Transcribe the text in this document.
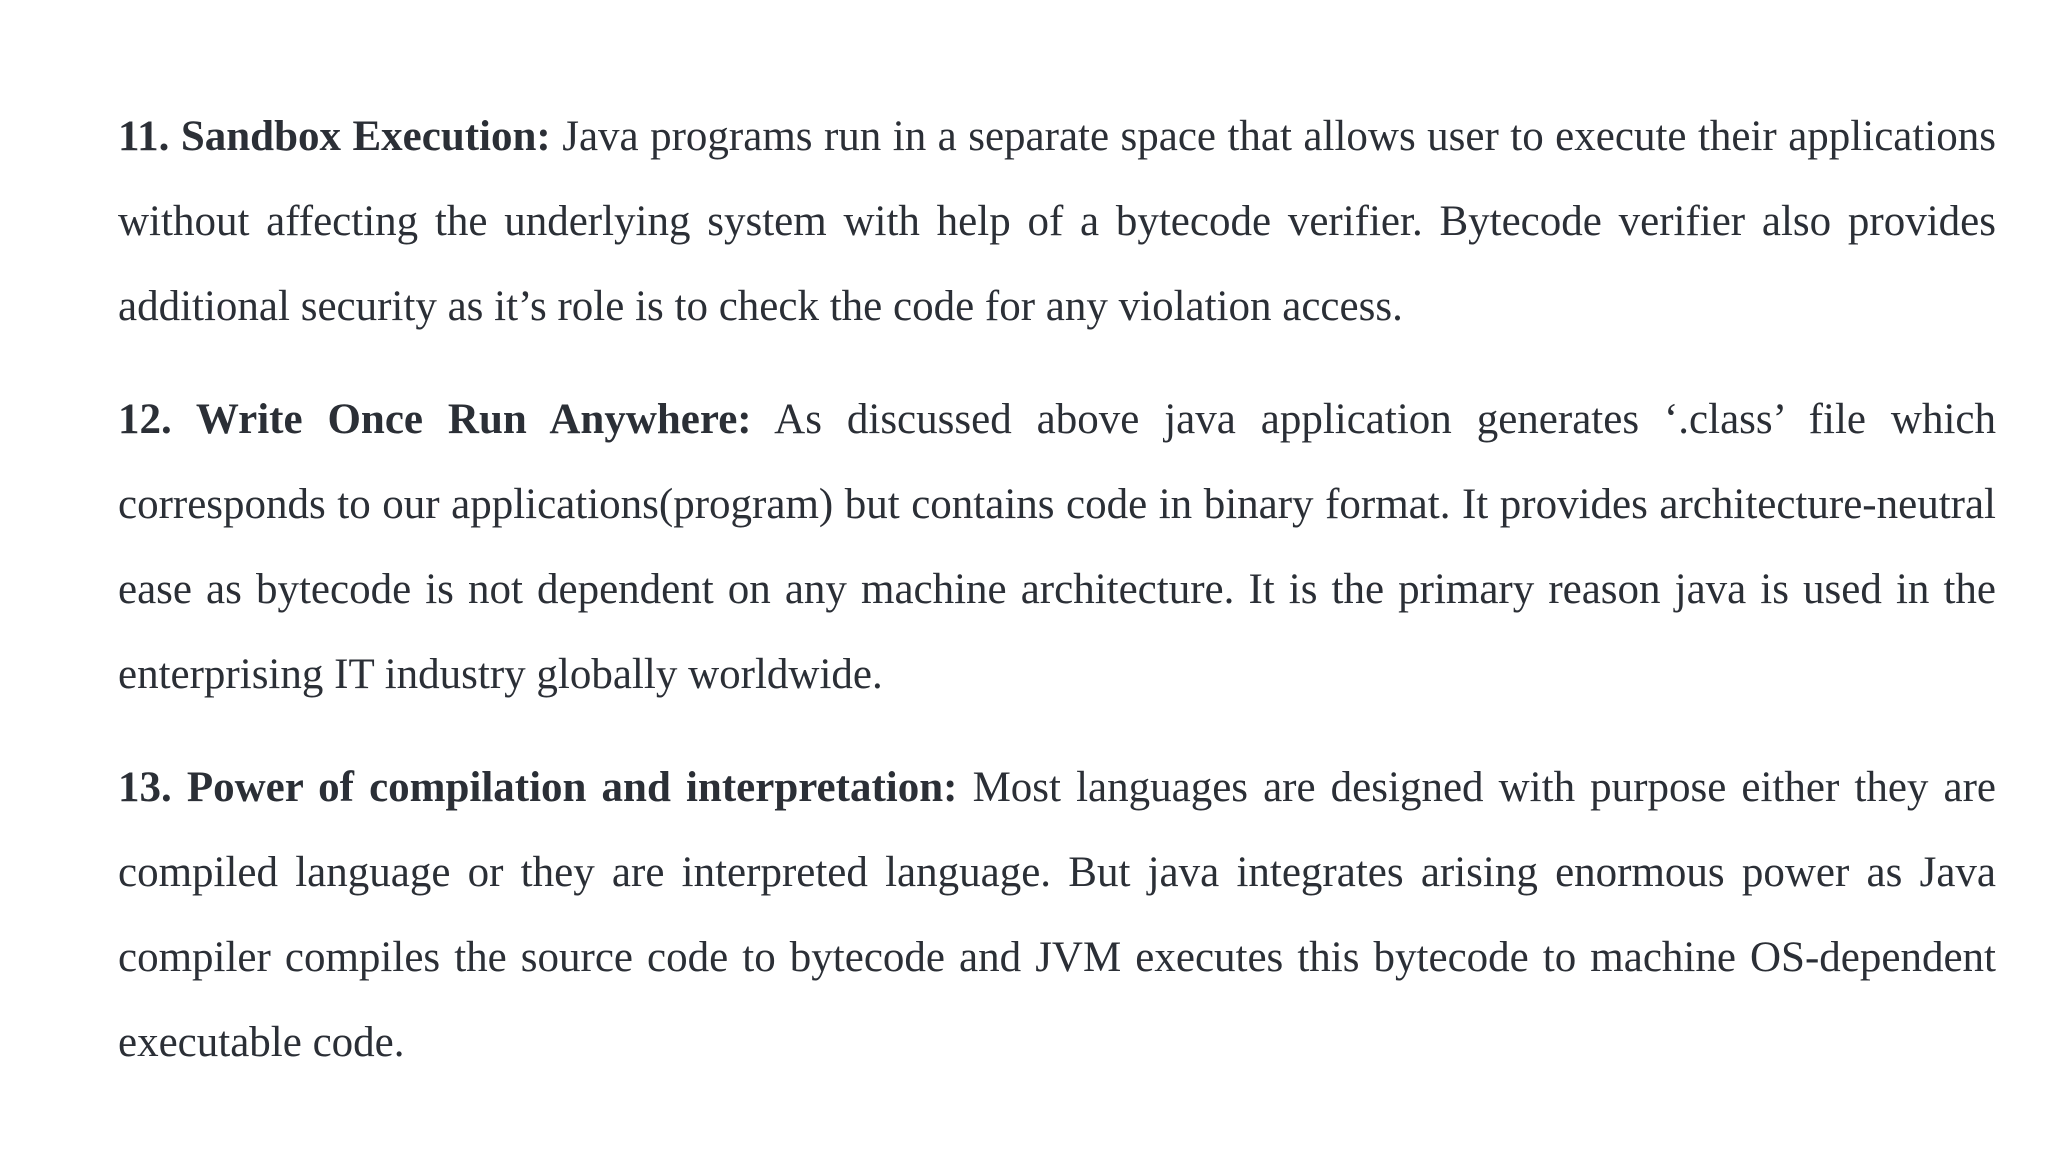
11. Sandbox Execution: Java programs run in a separate space that allows user to execute their applications without affecting the underlying system with help of a bytecode verifier. Bytecode verifier also provides additional security as it’s role is to check the code for any violation access.

12. Write Once Run Anywhere: As discussed above java application generates ‘.class’ file which corresponds to our applications(program) but contains code in binary format. It provides architecture-neutral ease as bytecode is not dependent on any machine architecture. It is the primary reason java is used in the enterprising IT industry globally worldwide.

13. Power of compilation and interpretation: Most languages are designed with purpose either they are compiled language or they are interpreted language. But java integrates arising enormous power as Java compiler compiles the source code to bytecode and JVM executes this bytecode to machine OS-dependent executable code.
